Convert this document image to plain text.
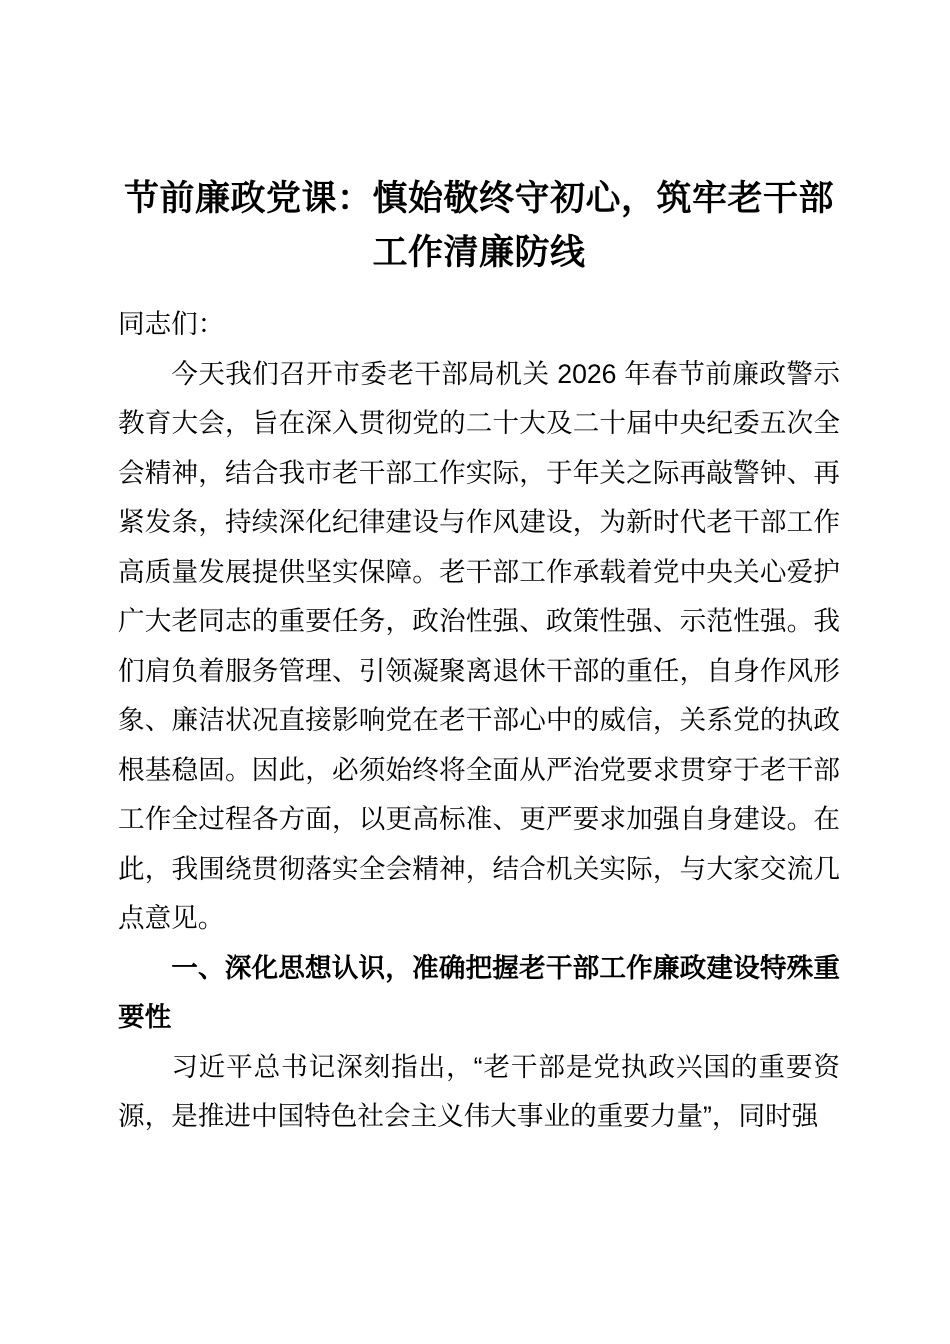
节前廉政党课：慎始敬终守初心，筑牢老干部
工作清廉防线

同志们：

今天我们召开市委老干部局机关 2026 年春节前廉政警示教育大会，旨在深入贯彻党的二十大及二十届中央纪委五次全会精神，结合我市老干部工作实际，于年关之际再敲警钟、再紧发条，持续深化纪律建设与作风建设，为新时代老干部工作高质量发展提供坚实保障。老干部工作承载着党中央关心爱护广大老同志的重要任务，政治性强、政策性强、示范性强。我们肩负着服务管理、引领凝聚离退休干部的重任，自身作风形象、廉洁状况直接影响党在老干部心中的威信，关系党的执政根基稳固。因此，必须始终将全面从严治党要求贯穿于老干部工作全过程各方面，以更高标准、更严要求加强自身建设。在此，我围绕贯彻落实全会精神，结合机关实际，与大家交流几点意见。

一、深化思想认识，准确把握老干部工作廉政建设特殊重要性

习近平总书记深刻指出，“老干部是党执政兴国的重要资源，是推进中国特色社会主义伟大事业的重要力量”，同时强
